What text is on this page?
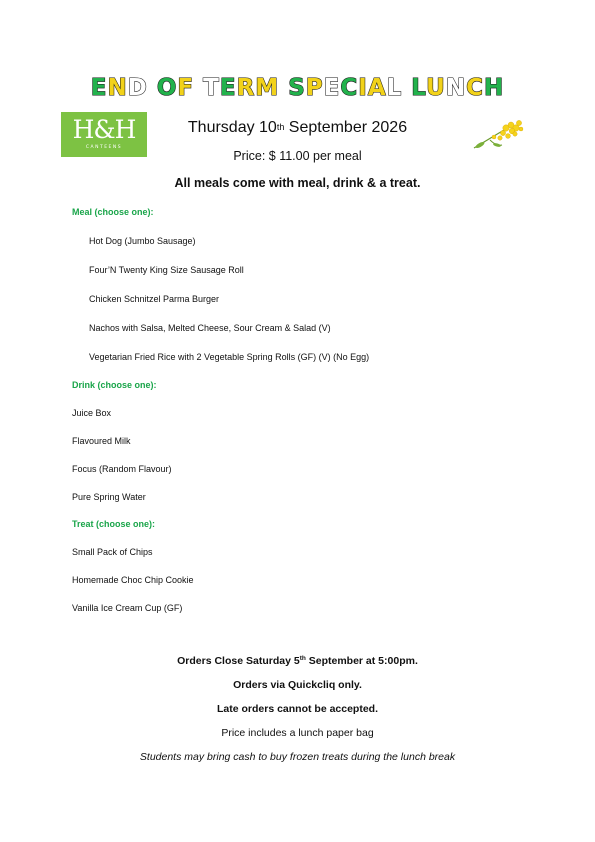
END OF TERM SPECIAL LUNCH
H&H
CANTEENS
Thursday 10th September 2026
Price: $ 11.00 per meal
All meals come with meal, drink & a treat.
Meal (choose one):
Hot Dog (Jumbo Sausage)
Four’N Twenty King Size Sausage Roll
Chicken Schnitzel Parma Burger
Nachos with Salsa, Melted Cheese, Sour Cream & Salad (V)
Vegetarian Fried Rice with 2 Vegetable Spring Rolls (GF) (V) (No Egg)
Drink (choose one):
Juice Box
Flavoured Milk
Focus (Random Flavour)
Pure Spring Water
Treat (choose one):
Small Pack of Chips
Homemade Choc Chip Cookie
Vanilla Ice Cream Cup (GF)
Orders Close Saturday 5th September at 5:00pm.
Orders via Quickcliq only.
Late orders cannot be accepted.
Price includes a lunch paper bag
Students may bring cash to buy frozen treats during the lunch break
